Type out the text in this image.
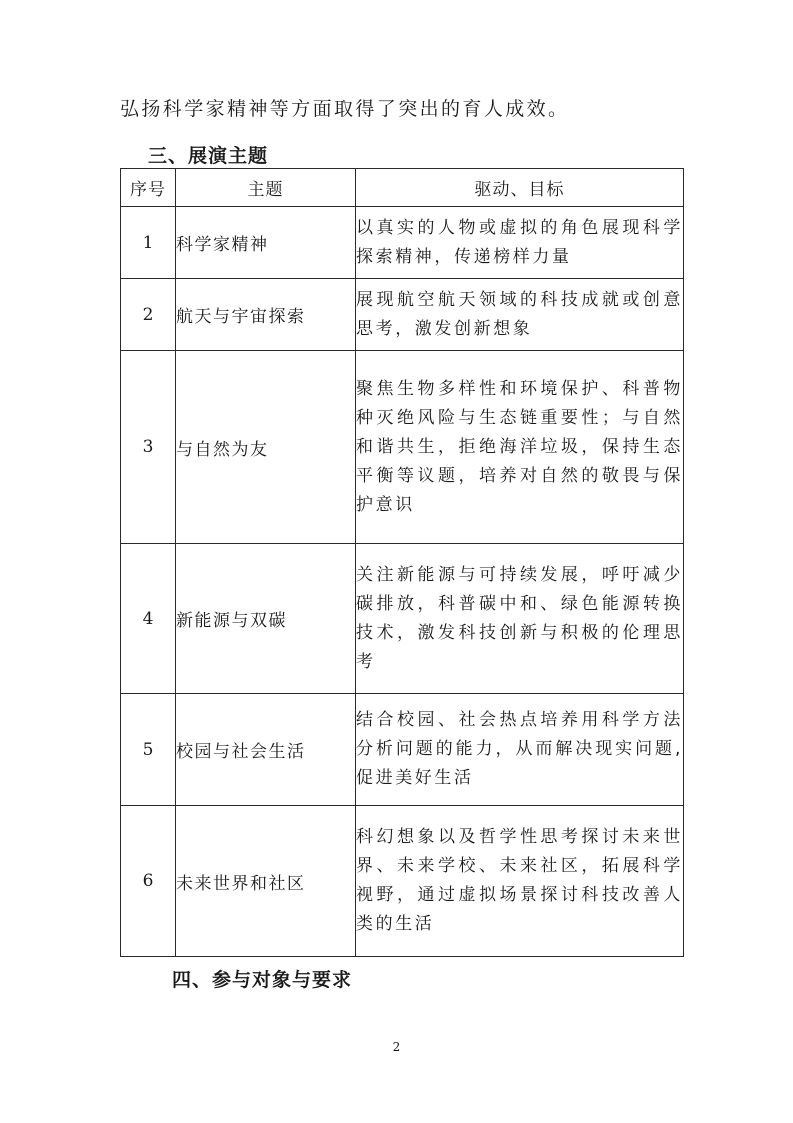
弘扬科学家精神等方面取得了突出的育人成效。
三、展演主题
序号	主题	驱动、目标
1	科学家精神	以真实的人物或虚拟的角色展现科学探索精神，传递榜样力量
2	航天与宇宙探索	展现航空航天领域的科技成就或创意思考，激发创新想象
3	与自然为友	聚焦生物多样性和环境保护、科普物种灭绝风险与生态链重要性；与自然和谐共生，拒绝海洋垃圾，保持生态平衡等议题，培养对自然的敬畏与保护意识
4	新能源与双碳	关注新能源与可持续发展，呼吁减少碳排放，科普碳中和、绿色能源转换技术，激发科技创新与积极的伦理思考
5	校园与社会生活	结合校园、社会热点培养用科学方法分析问题的能力，从而解决现实问题,促进美好生活
6	未来世界和社区	科幻想象以及哲学性思考探讨未来世界、未来学校、未来社区，拓展科学视野，通过虚拟场景探讨科技改善人类的生活
四、参与对象与要求
2
